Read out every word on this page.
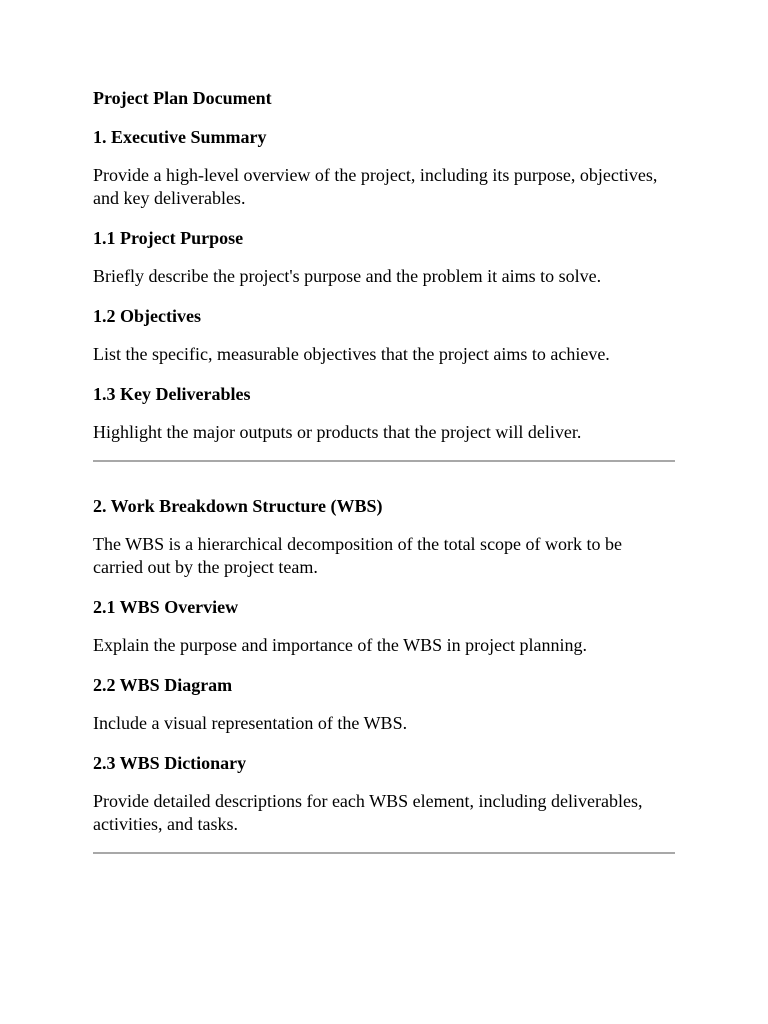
Project Plan Document

1. Executive Summary

Provide a high-level overview of the project, including its purpose, objectives, and key deliverables.

1.1 Project Purpose

Briefly describe the project's purpose and the problem it aims to solve.

1.2 Objectives

List the specific, measurable objectives that the project aims to achieve.

1.3 Key Deliverables

Highlight the major outputs or products that the project will deliver.

2. Work Breakdown Structure (WBS)

The WBS is a hierarchical decomposition of the total scope of work to be carried out by the project team.

2.1 WBS Overview

Explain the purpose and importance of the WBS in project planning.

2.2 WBS Diagram

Include a visual representation of the WBS.

2.3 WBS Dictionary

Provide detailed descriptions for each WBS element, including deliverables, activities, and tasks.
